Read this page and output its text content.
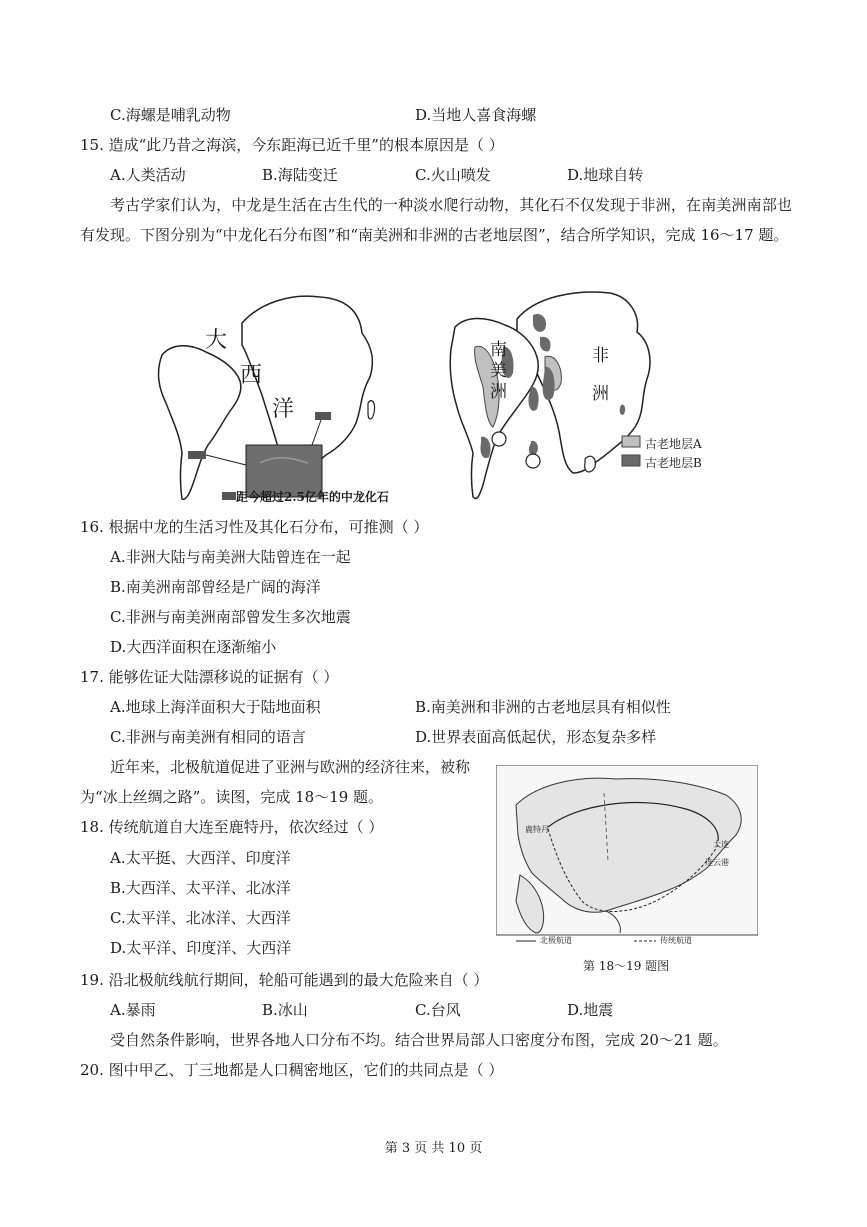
C.海螺是哺乳动物	D.当地人喜食海螺
15. 造成“此乃昔之海滨，今东距海已近千里”的根本原因是（ ）
A.人类活动	B.海陆变迁	C.火山喷发	D.地球自转
考古学家们认为，中龙是生活在古生代的一种淡水爬行动物，其化石不仅发现于非洲，在南美洲南部也有发现。下图分别为“中龙化石分布图”和“南美洲和非洲的古老地层图”，结合所学知识，完成 16～17 题。
大
西
洋
距今超过2.5亿年的中龙化石
南
美
洲
非
洲
古老地层A
古老地层B
16. 根据中龙的生活习性及其化石分布，可推测（ ）
A.非洲大陆与南美洲大陆曾连在一起
B.南美洲南部曾经是广阔的海洋
C.非洲与南美洲南部曾发生多次地震
D.大西洋面积在逐渐缩小
17. 能够佐证大陆漂移说的证据有（ ）
A.地球上海洋面积大于陆地面积	B.南美洲和非洲的古老地层具有相似性
C.非洲与南美洲有相同的语言	D.世界表面高低起伏，形态复杂多样
近年来，北极航道促进了亚洲与欧洲的经济往来，被称
为“冰上丝绸之路”。读图，完成 18～19 题。
鹿特丹
大连
连云港
北极航道	传统航道
第 18～19 题图
18. 传统航道自大连至鹿特丹，依次经过（ ）
A.太平挺、大西洋、印度洋
B.大西洋、太平洋、北冰洋
C.太平洋、北冰洋、大西洋
D.太平洋、印度洋、大西洋
19. 沿北极航线航行期间，轮船可能遇到的最大危险来自（ ）
A.暴雨	B.冰山	C.台风	D.地震
受自然条件影响，世界各地人口分布不均。结合世界局部人口密度分布图，完成 20～21 题。
20. 图中甲乙、丁三地都是人口稠密地区，它们的共同点是（ ）
第 3 页 共 10 页
